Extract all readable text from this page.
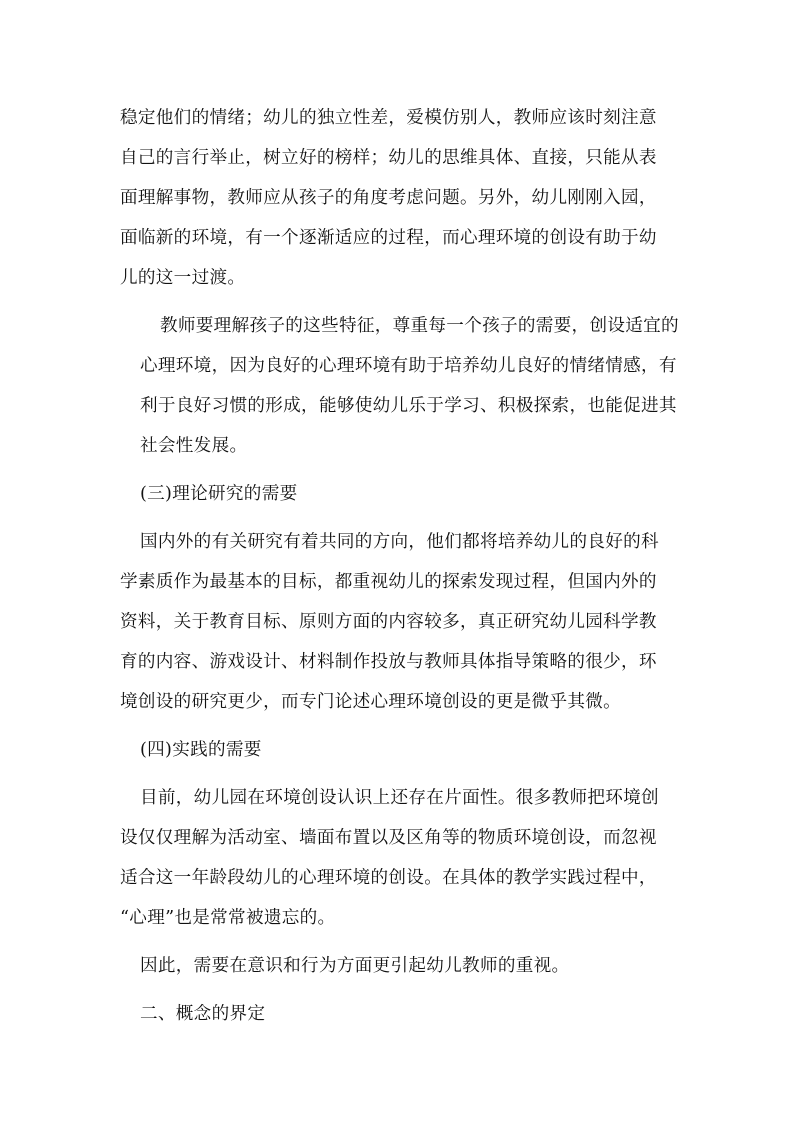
稳定他们的情绪；幼儿的独立性差，爱模仿别人，教师应该时刻注意
自己的言行举止，树立好的榜样；幼儿的思维具体、直接，只能从表
面理解事物，教师应从孩子的角度考虑问题。另外，幼儿刚刚入园，
面临新的环境，有一个逐渐适应的过程，而心理环境的创设有助于幼
儿的这一过渡。
教师要理解孩子的这些特征，尊重每一个孩子的需要，创设适宜的
心理环境，因为良好的心理环境有助于培养幼儿良好的情绪情感，有
利于良好习惯的形成，能够使幼儿乐于学习、积极探索，也能促进其
社会性发展。
(三)理论研究的需要
国内外的有关研究有着共同的方向，他们都将培养幼儿的良好的科
学素质作为最基本的目标，都重视幼儿的探索发现过程，但国内外的
资料，关于教育目标、原则方面的内容较多，真正研究幼儿园科学教
育的内容、游戏设计、材料制作投放与教师具体指导策略的很少，环
境创设的研究更少，而专门论述心理环境创设的更是微乎其微。
(四)实践的需要
目前，幼儿园在环境创设认识上还存在片面性。很多教师把环境创
设仅仅理解为活动室、墙面布置以及区角等的物质环境创设，而忽视
适合这一年龄段幼儿的心理环境的创设。在具体的教学实践过程中，
“心理”也是常常被遗忘的。
因此，需要在意识和行为方面更引起幼儿教师的重视。
二、概念的界定
